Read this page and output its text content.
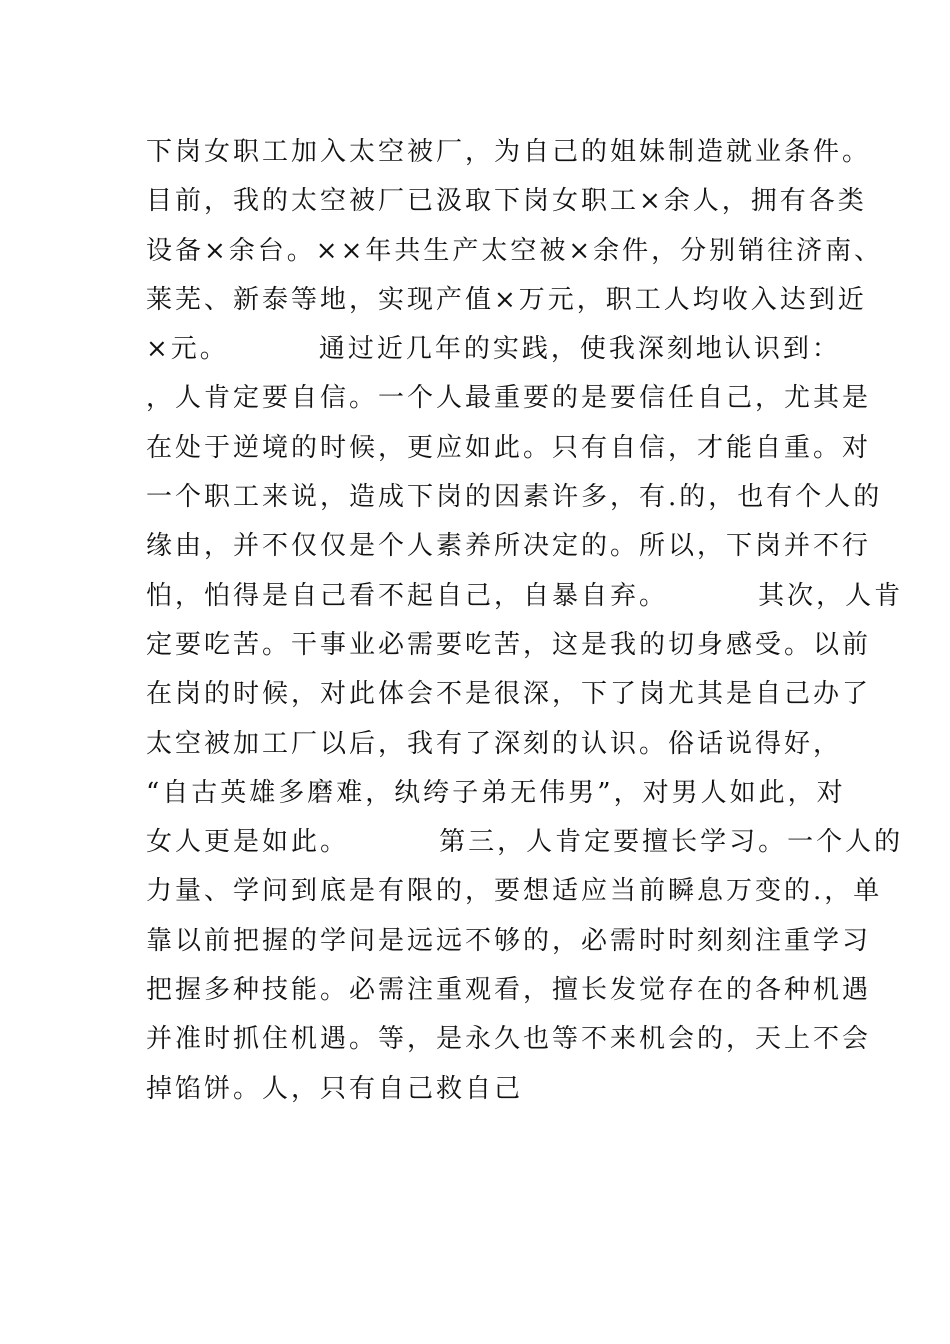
下岗女职工加入太空被厂，为自己的姐妹制造就业条件。
目前，我的太空被厂已汲取下岗女职工×余人，拥有各类
设备×余台。××年共生产太空被×余件，分别销往济南、
莱芜、新泰等地，实现产值×万元，职工人均收入达到近
×元。        通过近几年的实践，使我深刻地认识到：
，人肯定要自信。一个人最重要的是要信任自己，尤其是
在处于逆境的时候，更应如此。只有自信，才能自重。对
一个职工来说，造成下岗的因素许多，有.的，也有个人的
缘由，并不仅仅是个人素养所决定的。所以，下岗并不行
怕，怕得是自己看不起自己，自暴自弃。        其次，人肯
定要吃苦。干事业必需要吃苦，这是我的切身感受。以前
在岗的时候，对此体会不是很深，下了岗尤其是自己办了
太空被加工厂以后，我有了深刻的认识。俗话说得好，
“自古英雄多磨难，纨绔子弟无伟男”，对男人如此，对
女人更是如此。        第三，人肯定要擅长学习。一个人的
力量、学问到底是有限的，要想适应当前瞬息万变的.，单
靠以前把握的学问是远远不够的，必需时时刻刻注重学习
把握多种技能。必需注重观看，擅长发觉存在的各种机遇
并准时抓住机遇。等，是永久也等不来机会的，天上不会
掉馅饼。人，只有自己救自己
